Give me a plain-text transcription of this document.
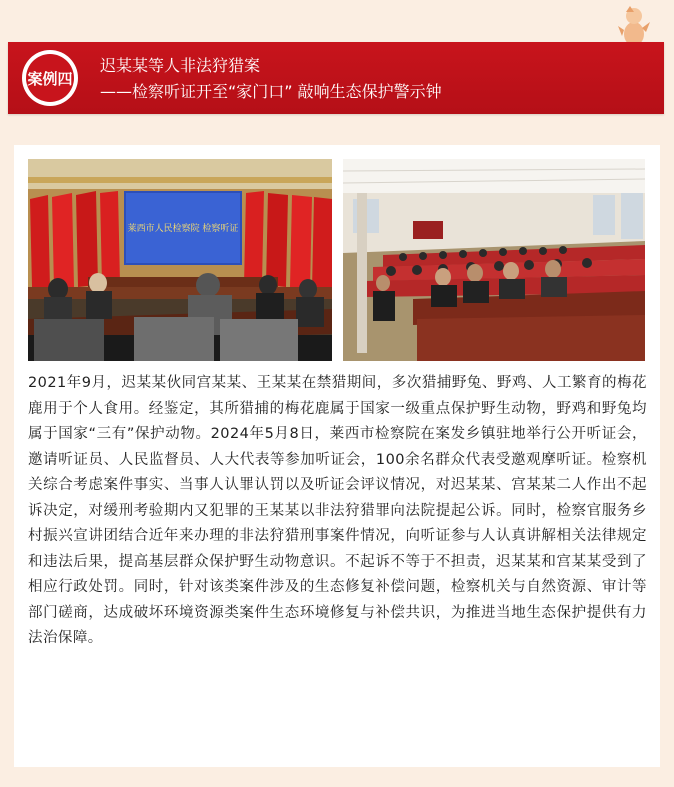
案例四
迟某某等人非法狩猎案
——检察听证开至“家门口” 敲响生态保护警示钟
莱西市人民检察院 检察听证

2021年9月，迟某某伙同宫某某、王某某在禁猎期间，多次猎捕野兔、野鸡、人工繁育的梅花鹿用于个人食用。经鉴定，其所猎捕的梅花鹿属于国家一级重点保护野生动物，野鸡和野兔均属于国家“三有”保护动物。2024年5月8日，莱西市检察院在案发乡镇驻地举行公开听证会，邀请听证员、人民监督员、人大代表等参加听证会，100余名群众代表受邀观摩听证。检察机关综合考虑案件事实、当事人认罪认罚以及听证会评议情况，对迟某某、宫某某二人作出不起诉决定，对缓刑考验期内又犯罪的王某某以非法狩猎罪向法院提起公诉。同时，检察官服务乡村振兴宣讲团结合近年来办理的非法狩猎刑事案件情况，向听证参与人认真讲解相关法律规定和违法后果，提高基层群众保护野生动物意识。不起诉不等于不担责，迟某某和宫某某受到了相应行政处罚。同时，针对该类案件涉及的生态修复补偿问题，检察机关与自然资源、审计等部门磋商，达成破坏环境资源类案件生态环境修复与补偿共识，为推进当地生态保护提供有力法治保障。
